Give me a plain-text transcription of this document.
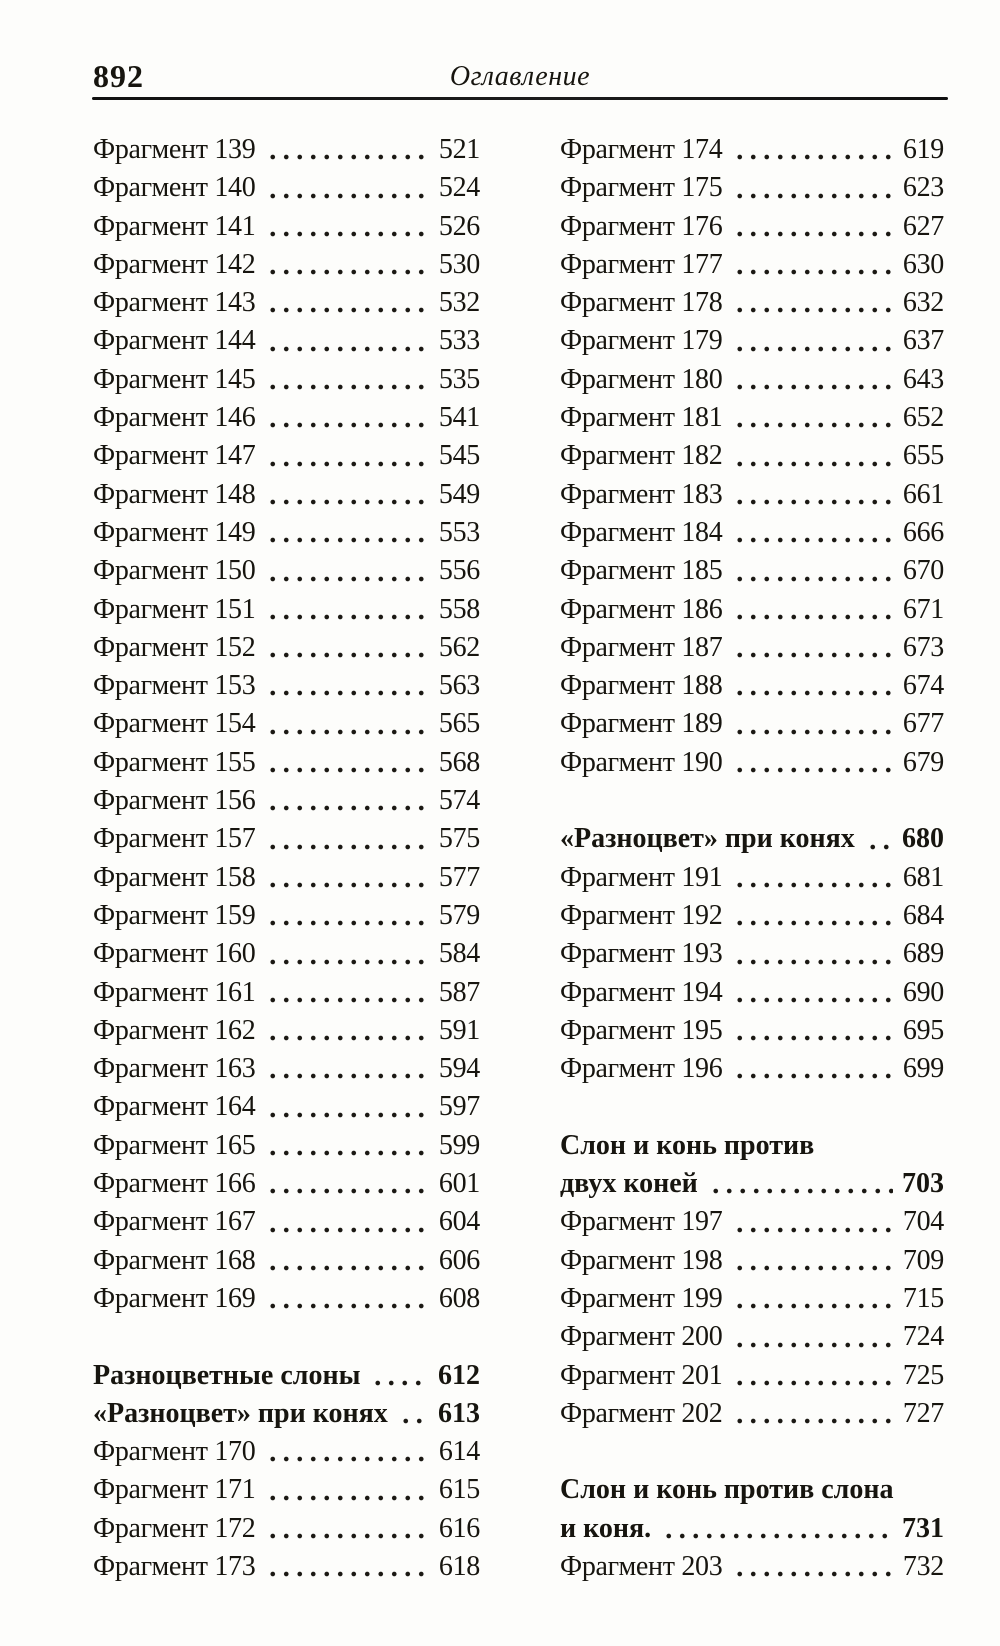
892	Оглавление
Фрагмент 139	521
Фрагмент 140	524
Фрагмент 141	526
Фрагмент 142	530
Фрагмент 143	532
Фрагмент 144	533
Фрагмент 145	535
Фрагмент 146	541
Фрагмент 147	545
Фрагмент 148	549
Фрагмент 149	553
Фрагмент 150	556
Фрагмент 151	558
Фрагмент 152	562
Фрагмент 153	563
Фрагмент 154	565
Фрагмент 155	568
Фрагмент 156	574
Фрагмент 157	575
Фрагмент 158	577
Фрагмент 159	579
Фрагмент 160	584
Фрагмент 161	587
Фрагмент 162	591
Фрагмент 163	594
Фрагмент 164	597
Фрагмент 165	599
Фрагмент 166	601
Фрагмент 167	604
Фрагмент 168	606
Фрагмент 169	608
Разноцветные слоны	612
«Разноцвет» при конях 613
Фрагмент 170	614
Фрагмент 171	615
Фрагмент 172	616
Фрагмент 173	618
Фрагмент 174	619
Фрагмент 175	623
Фрагмент 176	627
Фрагмент 177	630
Фрагмент 178	632
Фрагмент 179	637
Фрагмент 180	643
Фрагмент 181	652
Фрагмент 182	655
Фрагмент 183	661
Фрагмент 184	666
Фрагмент 185	670
Фрагмент 186	671
Фрагмент 187	673
Фрагмент 188	674
Фрагмент 189	677
Фрагмент 190	679
«Разноцвет» при конях 680
Фрагмент 191	681
Фрагмент 192	684
Фрагмент 193	689
Фрагмент 194	690
Фрагмент 195	695
Фрагмент 196	699
Слон и конь против
двух коней	703
Фрагмент 197	704
Фрагмент 198	709
Фрагмент 199	715
Фрагмент 200	724
Фрагмент 201	725
Фрагмент 202	727
Слон и конь против слона
и коня.	731
Фрагмент 203	732
